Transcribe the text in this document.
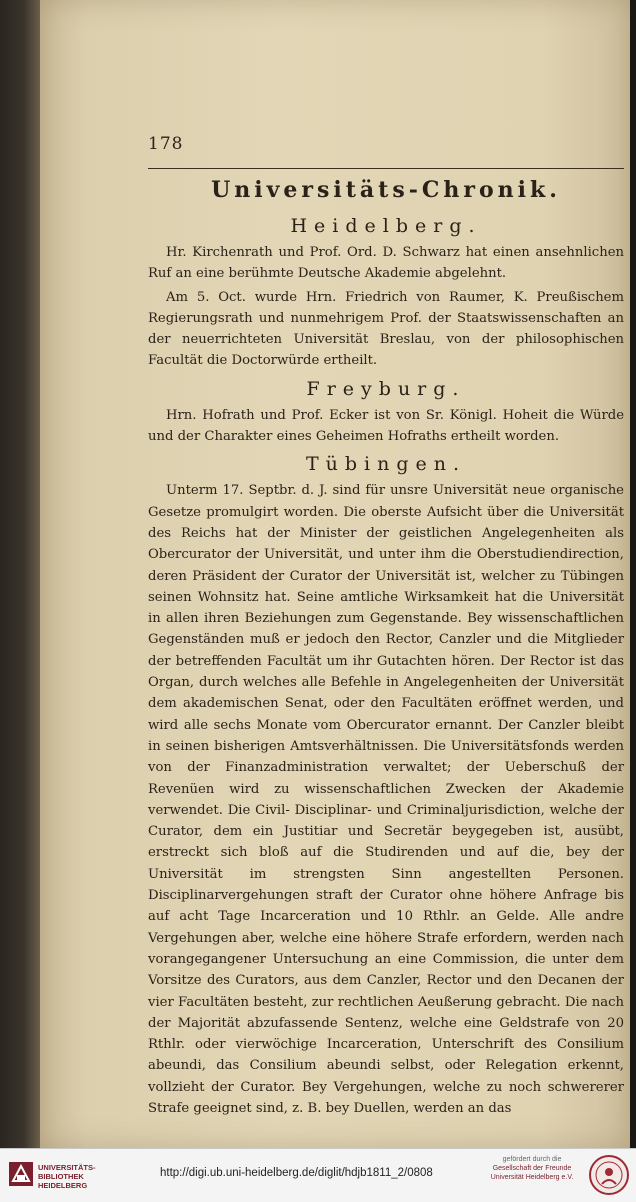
178
Universitäts-Chronik.
Heidelberg.

Hr. Kirchenrath und Prof. Ord. D. Schwarz hat einen ansehnlichen Ruf an eine berühmte Deutsche Akademie abgelehnt.

Am 5. Oct. wurde Hrn. Friedrich von Raumer, K. Preußischem Regierungsrath und nunmehrigem Prof. der Staatswissenschaften an der neuerrichteten Universität Breslau, von der philosophischen Facultät die Doctorwürde ertheilt.

Freyburg.

Hrn. Hofrath und Prof. Ecker ist von Sr. Königl. Hoheit die Würde und der Charakter eines Geheimen Hofraths ertheilt worden.

Tübingen.

Unterm 17. Septbr. d. J. sind für unsre Universität neue organische Gesetze promulgirt worden. Die oberste Aufsicht über die Universität des Reichs hat der Minister der geistlichen Angelegenheiten als Obercurator der Universität, und unter ihm die Oberstudiendirection, deren Präsident der Curator der Universität ist, welcher zu Tübingen seinen Wohnsitz hat. Seine amtliche Wirksamkeit hat die Universität in allen ihren Beziehungen zum Gegenstande. Bey wissenschaftlichen Gegenständen muß er jedoch den Rector, Canzler und die Mitglieder der betreffenden Facultät um ihr Gutachten hören. Der Rector ist das Organ, durch welches alle Befehle in Angelegenheiten der Universität dem akademischen Senat, oder den Facultäten eröffnet werden, und wird alle sechs Monate vom Obercurator ernannt. Der Canzler bleibt in seinen bisherigen Amtsverhältnissen. Die Universitätsfonds werden von der Finanzadministration verwaltet; der Ueberschuß der Revenüen wird zu wissenschaftlichen Zwecken der Akademie verwendet. Die Civil- Disciplinar- und Criminaljurisdiction, welche der Curator, dem ein Justitiar und Secretär beygegeben ist, ausübt, erstreckt sich bloß auf die Studirenden und auf die, bey der Universität im strengsten Sinn angestellten Personen. Disciplinarvergehungen straft der Curator ohne höhere Anfrage bis auf acht Tage Incarceration und 10 Rthlr. an Gelde. Alle andre Vergehungen aber, welche eine höhere Strafe erfordern, werden nach vorangegangener Untersuchung an eine Commission, die unter dem Vorsitze des Curators, aus dem Canzler, Rector und den Decanen der vier Facultäten besteht, zur rechtlichen Aeußerung gebracht. Die nach der Majorität abzufassende Sentenz, welche eine Geldstrafe von 20 Rthlr. oder vierwöchige Incarceration, Unterschrift des Consilium abeundi, das Consilium abeundi selbst, oder Relegation erkennt, vollzieht der Curator. Bey Vergehungen, welche zu noch schwererer Strafe geeignet sind, z. B. bey Duellen, werden an das

UNIVERSITÄTS-
BIBLIOTHEK
HEIDELBERG
http://digi.ub.uni-heidelberg.de/diglit/hdjb1811_2/0808
gefördert durch die
Gesellschaft der Freunde
Universität Heidelberg e.V.
